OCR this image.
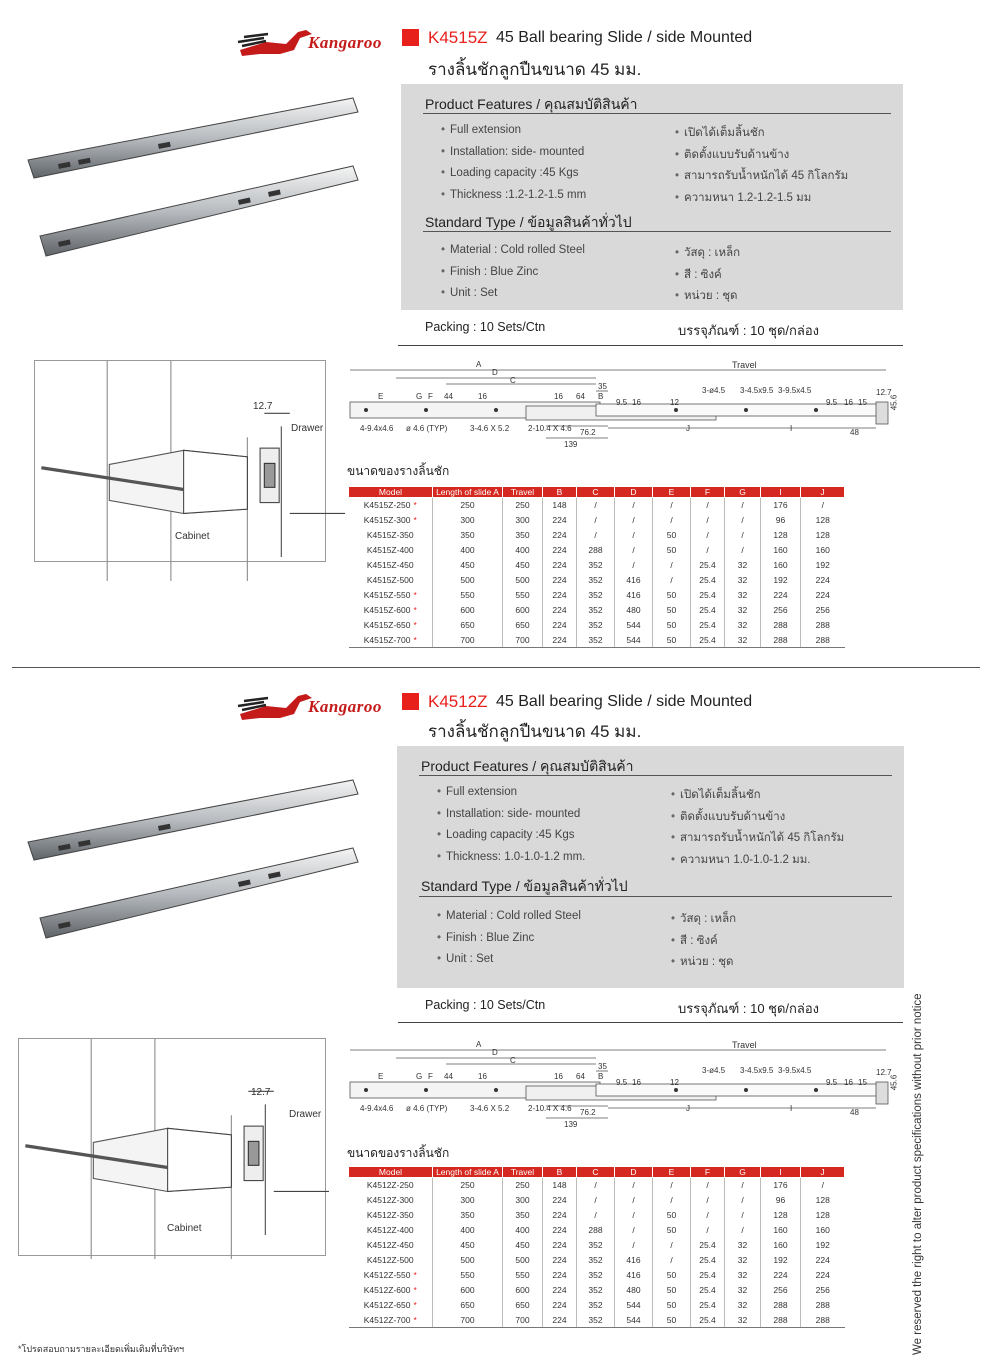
Kangaroo	K4515Z 45 Ball bearing Slide / side Mounted
รางลิ้นชักลูกปืนขนาด 45 มม.
Product Features / คุณสมบัติสินค้า
Standard Type / ข้อมูลสินค้าทั่วไป
• Full extension
• Installation: side- mounted
• Loading capacity :45 Kgs
• Thickness :1.2-1.2-1.5 mm
• เปิดได้เต็มลิ้นชัก
• ติดตั้งแบบรับด้านข้าง
• สามารถรับน้ำหนักได้ 45 กิโลกรัม
• ความหนา 1.2-1.2-1.5 มม
• Material : Cold rolled Steel
• Finish : Blue Zinc
• Unit : Set
• วัสดุ : เหล็ก
• สี : ซิงค์
• หน่วย : ชุด
Packing : 10 Sets/Ctn	บรรจุภัณฑ์ : 10 ชุด/กล่อง
12.7
Drawer
Cabinet
A	Travel
D
C
35
E	G F 44	16	16 64 B
9.5 16	12
3-ø4.5 3-4.5x9.5 3-9.5x4.5
9.5 16 15
12.7
4-9.4x4.6 ø 4.6 (TYP)	3-4.6 X 5.2 2-10.4 X 4.6 76.2
139
J	I	48
45.6
ขนาดของรางลิ้นชัก
Model	Length of slide A	Travel	B	C	D	E	F	G	I	J
K4515Z-250 *	250	250	148	/	/	/	/	/	176	/
K4515Z-300 *	300	300	224	/	/	/	/	/	96	128
K4515Z-350	350	350	224	/	/	50	/	/	128	128
K4515Z-400	400	400	224	288	/	50	/	/	160	160
K4515Z-450	450	450	224	352	/	/	25.4	32	160	192
K4515Z-500	500	500	224	352	416	/	25.4	32	192	224
K4515Z-550 *	550	550	224	352	416	50	25.4	32	224	224
K4515Z-600 *	600	600	224	352	480	50	25.4	32	256	256
K4515Z-650 *	650	650	224	352	544	50	25.4	32	288	288
K4515Z-700 *	700	700	224	352	544	50	25.4	32	288	288
Kangaroo	K4512Z 45 Ball bearing Slide / side Mounted
รางลิ้นชักลูกปืนขนาด 45 มม.
Product Features / คุณสมบัติสินค้า
Standard Type / ข้อมูลสินค้าทั่วไป
• Full extension
• Installation: side- mounted
• Loading capacity :45 Kgs
• Thickness: 1.0-1.0-1.2 mm.
• เปิดได้เต็มลิ้นชัก
• ติดตั้งแบบรับด้านข้าง
• สามารถรับน้ำหนักได้ 45 กิโลกรัม
• ความหนา 1.0-1.0-1.2 มม.
• Material : Cold rolled Steel
• Finish : Blue Zinc
• Unit : Set
• วัสดุ : เหล็ก
• สี : ซิงค์
• หน่วย : ชุด
Packing : 10 Sets/Ctn	บรรจุภัณฑ์ : 10 ชุด/กล่อง
12.7
Drawer
Cabinet
A	Travel
D
C
35
E	G F 44	16	16 64 B
9.5 16	12
3-ø4.5 3-4.5x9.5 3-9.5x4.5
9.5 16 15
12.7
4-9.4x4.6 ø 4.6 (TYP)	3-4.6 X 5.2 2-10.4 X 4.6 76.2
139
J	I	48
45.6
ขนาดของรางลิ้นชัก
Model	Length of slide A	Travel	B	C	D	E	F	G	I	J
K4512Z-250	250	250	148	/	/	/	/	/	176	/
K4512Z-300	300	300	224	/	/	/	/	/	96	128
K4512Z-350	350	350	224	/	/	50	/	/	128	128
K4512Z-400	400	400	224	288	/	50	/	/	160	160
K4512Z-450	450	450	224	352	/	/	25.4	32	160	192
K4512Z-500	500	500	224	352	416	/	25.4	32	192	224
K4512Z-550 *	550	550	224	352	416	50	25.4	32	224	224
K4512Z-600 *	600	600	224	352	480	50	25.4	32	256	256
K4512Z-650 *	650	650	224	352	544	50	25.4	32	288	288
K4512Z-700 *	700	700	224	352	544	50	25.4	32	288	288
*โปรดสอบถามรายละเอียดเพิ่มเติมที่บริษัทฯ	We reserved the right to alter product specifications without prior notice
